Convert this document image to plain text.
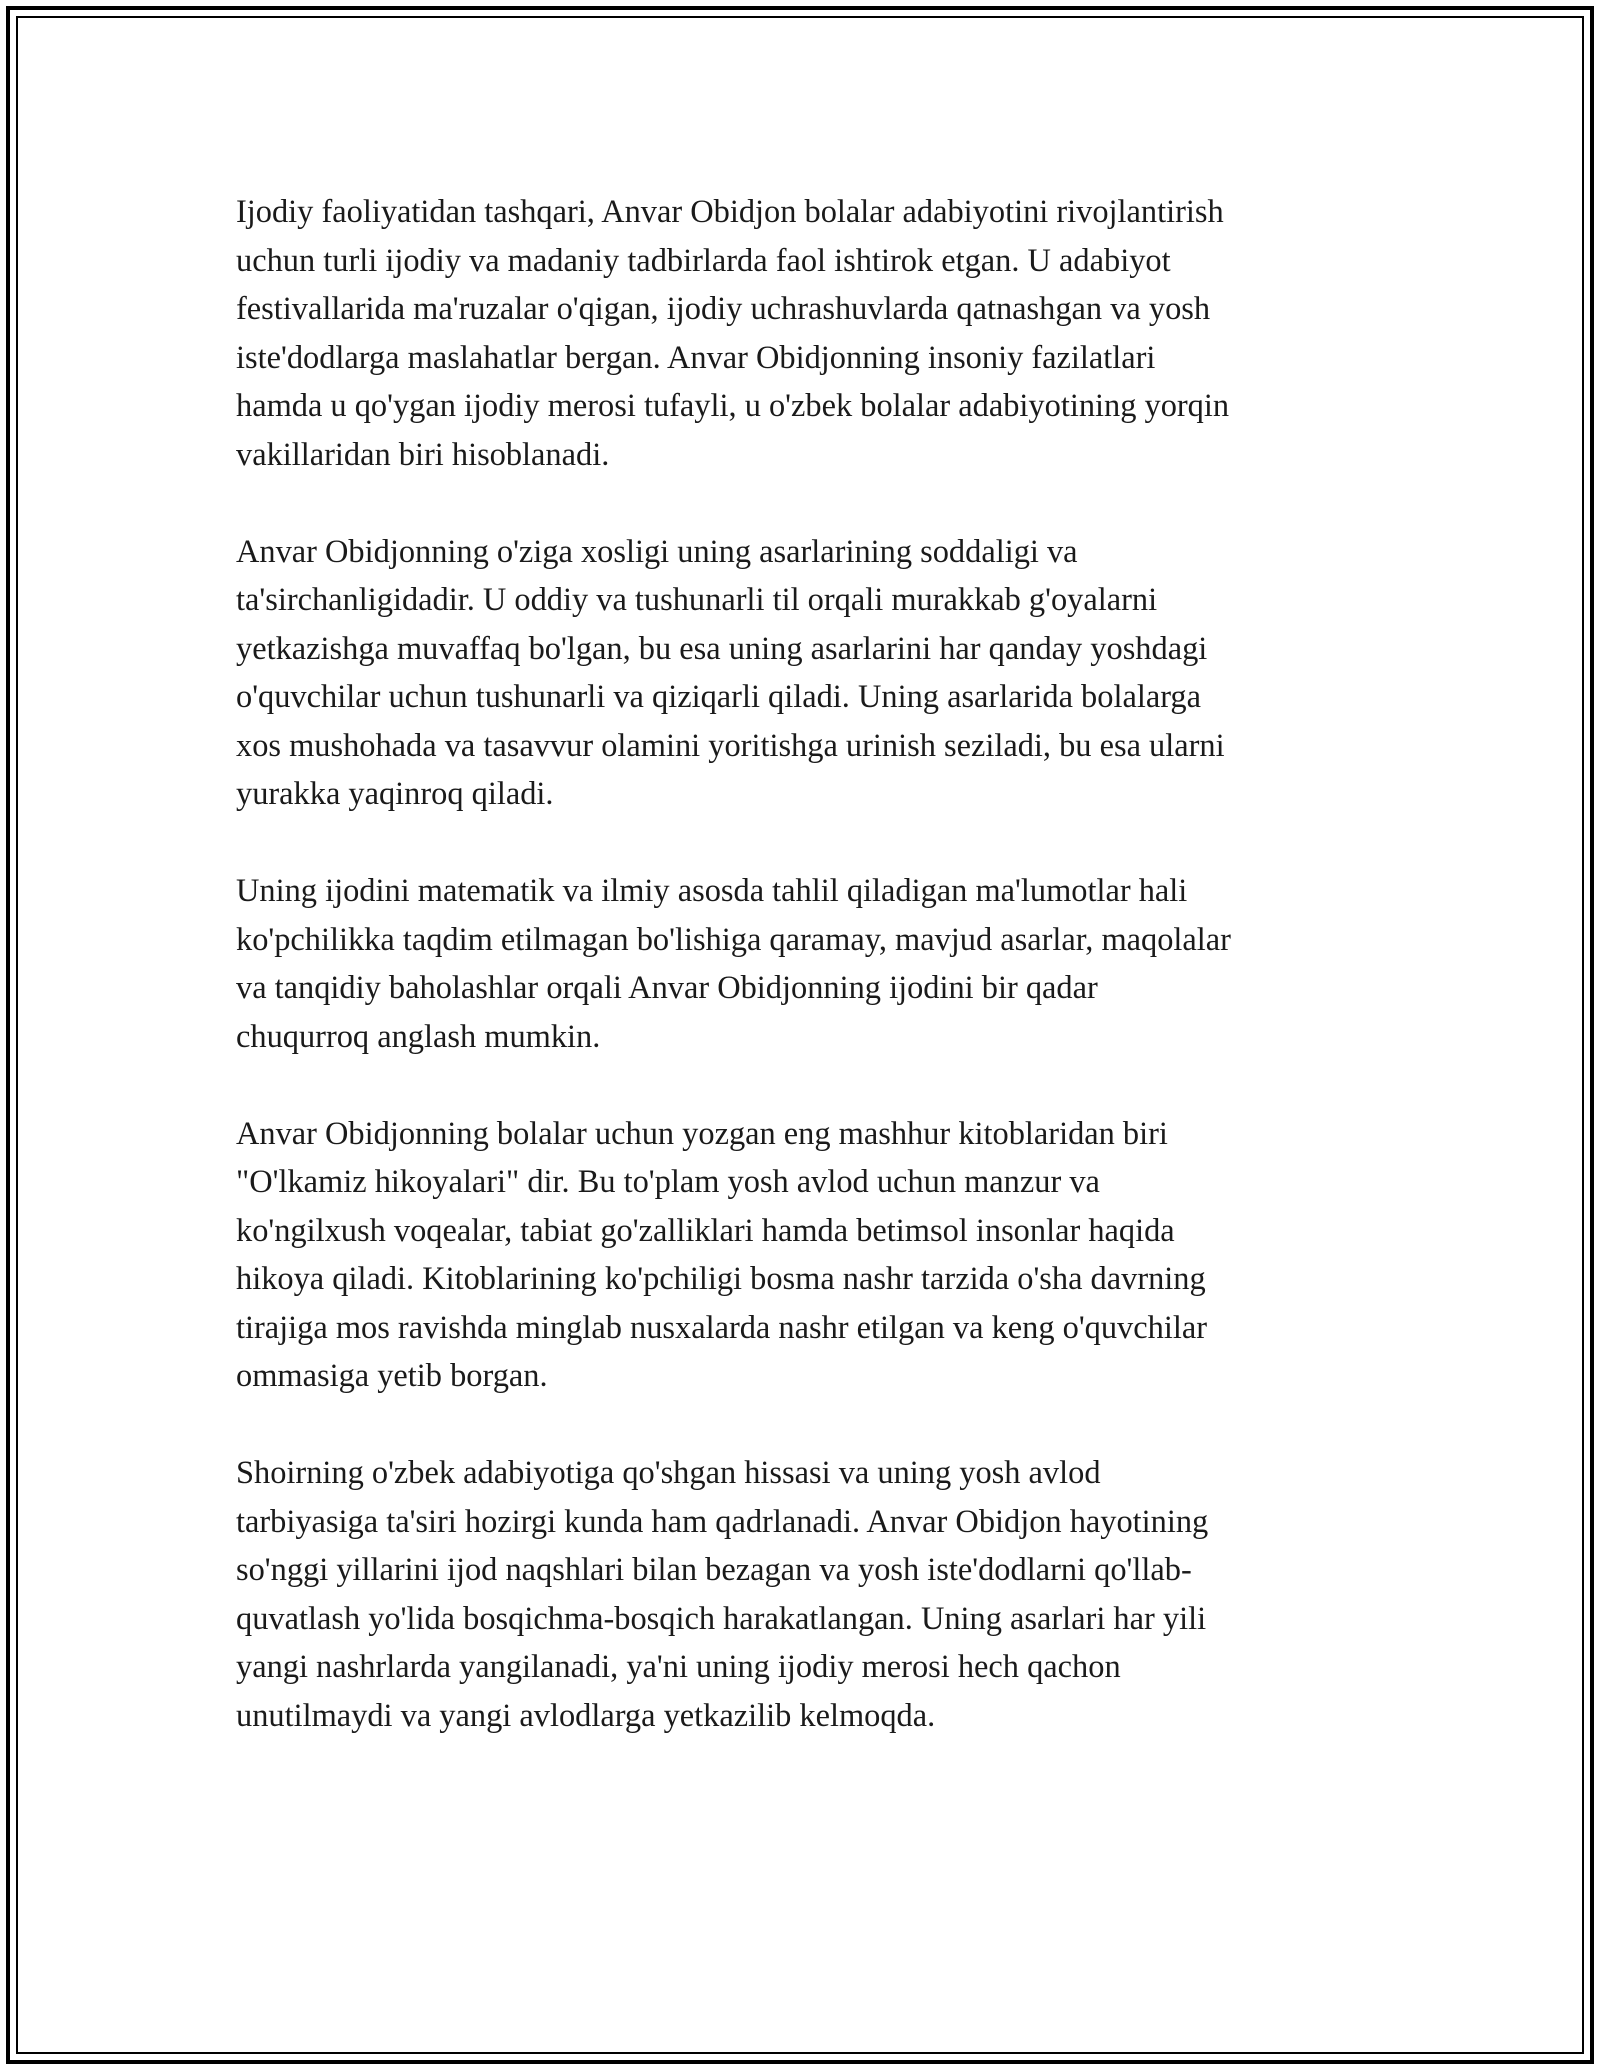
Ijodiy faoliyatidan tashqari, Anvar Obidjon bolalar adabiyotini rivojlantirish
uchun turli ijodiy va madaniy tadbirlarda faol ishtirok etgan. U adabiyot
festivallarida ma'ruzalar o'qigan, ijodiy uchrashuvlarda qatnashgan va yosh
iste'dodlarga maslahatlar bergan. Anvar Obidjonning insoniy fazilatlari
hamda u qo'ygan ijodiy merosi tufayli, u o'zbek bolalar adabiyotining yorqin
vakillaridan biri hisoblanadi.

Anvar Obidjonning o'ziga xosligi uning asarlarining soddaligi va
ta'sirchanligidadir. U oddiy va tushunarli til orqali murakkab g'oyalarni
yetkazishga muvaffaq bo'lgan, bu esa uning asarlarini har qanday yoshdagi
o'quvchilar uchun tushunarli va qiziqarli qiladi. Uning asarlarida bolalarga
xos mushohada va tasavvur olamini yoritishga urinish seziladi, bu esa ularni
yurakka yaqinroq qiladi.

Uning ijodini matematik va ilmiy asosda tahlil qiladigan ma'lumotlar hali
ko'pchilikka taqdim etilmagan bo'lishiga qaramay, mavjud asarlar, maqolalar
va tanqidiy baholashlar orqali Anvar Obidjonning ijodini bir qadar
chuqurroq anglash mumkin.

Anvar Obidjonning bolalar uchun yozgan eng mashhur kitoblaridan biri
"O'lkamiz hikoyalari" dir. Bu to'plam yosh avlod uchun manzur va
ko'ngilxush voqealar, tabiat go'zalliklari hamda betimsol insonlar haqida
hikoya qiladi. Kitoblarining ko'pchiligi bosma nashr tarzida o'sha davrning
tirajiga mos ravishda minglab nusxalarda nashr etilgan va keng o'quvchilar
ommasiga yetib borgan.

Shoirning o'zbek adabiyotiga qo'shgan hissasi va uning yosh avlod
tarbiyasiga ta'siri hozirgi kunda ham qadrlanadi. Anvar Obidjon hayotining
so'nggi yillarini ijod naqshlari bilan bezagan va yosh iste'dodlarni qo'llab-
quvatlash yo'lida bosqichma-bosqich harakatlangan. Uning asarlari har yili
yangi nashrlarda yangilanadi, ya'ni uning ijodiy merosi hech qachon
unutilmaydi va yangi avlodlarga yetkazilib kelmoqda.
